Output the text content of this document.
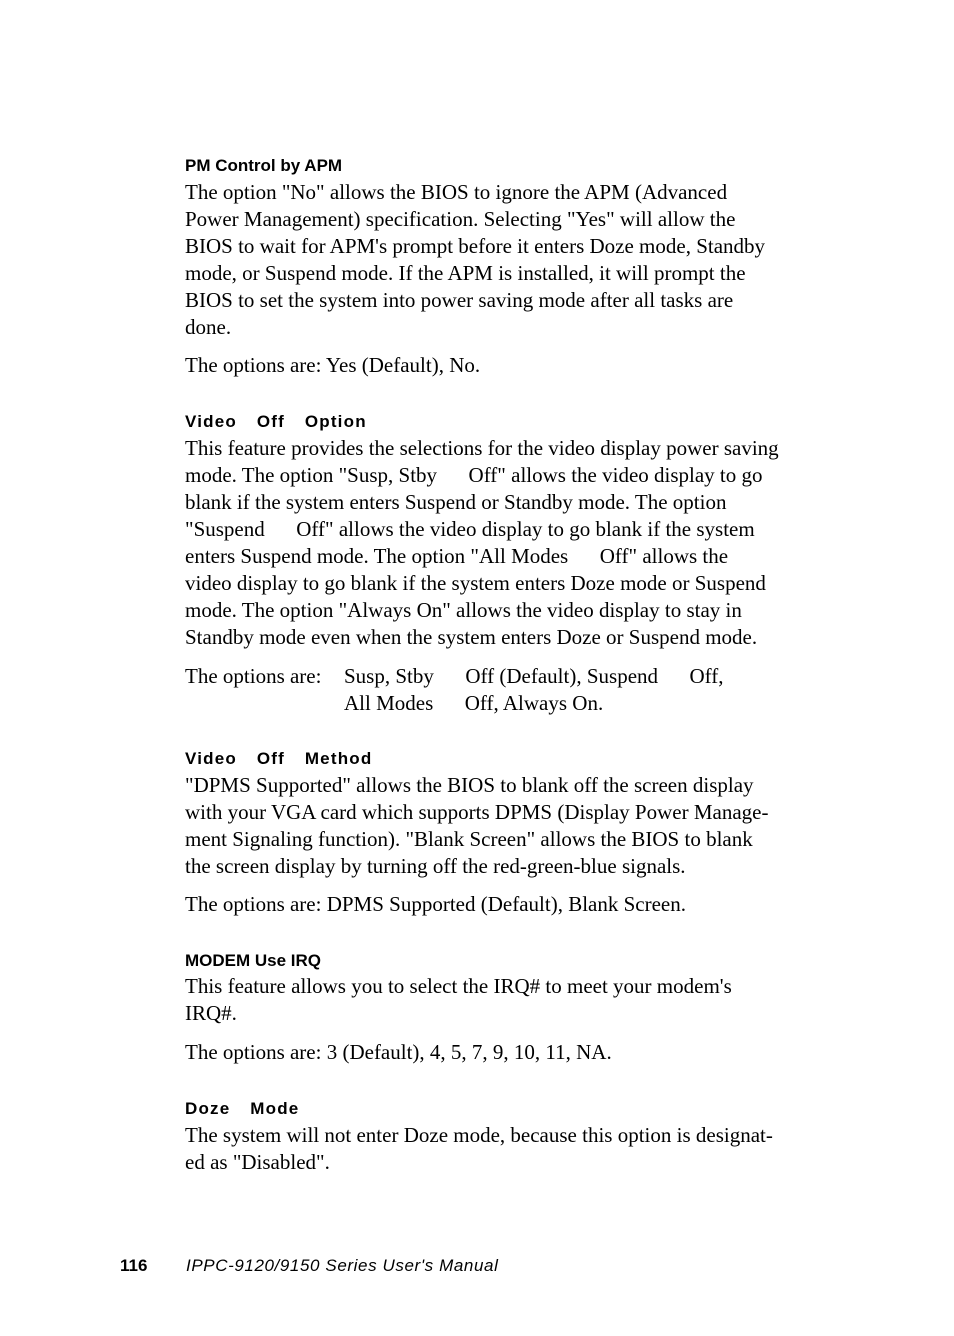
PM Control by APM
The option "No" allows the BIOS to ignore the APM (Advanced
Power Management) specification. Selecting "Yes" will allow the
BIOS to wait for APM's prompt before it enters Doze mode, Standby
mode, or Suspend mode. If the APM is installed, it will prompt the
BIOS to set the system into power saving mode after all tasks are
done.

The options are: Yes (Default), No.

Video  Off  Option
This feature provides the selections for the video display power saving
mode. The option "Susp, Stby      Off" allows the video display to go
blank if the system enters Suspend or Standby mode. The option
"Suspend      Off" allows the video display to go blank if the system
enters Suspend mode. The option "All Modes      Off" allows the
video display to go blank if the system enters Doze mode or Suspend
mode. The option "Always On" allows the video display to stay in
Standby mode even when the system enters Doze or Suspend mode.
The options are: Susp, Stby      Off (Default), Suspend      Off,
All Modes      Off, Always On.
Video  Off  Method
"DPMS Supported" allows the BIOS to blank off the screen display
with your VGA card which supports DPMS (Display Power Manage-
ment Signaling function). "Blank Screen" allows the BIOS to blank
the screen display by turning off the red-green-blue signals.

The options are: DPMS Supported (Default), Blank Screen.

MODEM Use IRQ
This feature allows you to select the IRQ# to meet your modem's
IRQ#.

The options are: 3 (Default), 4, 5, 7, 9, 10, 11, NA.

Doze  Mode
The system will not enter Doze mode, because this option is designat-
ed as "Disabled".
116 IPPC-9120/9150 Series User's Manual
